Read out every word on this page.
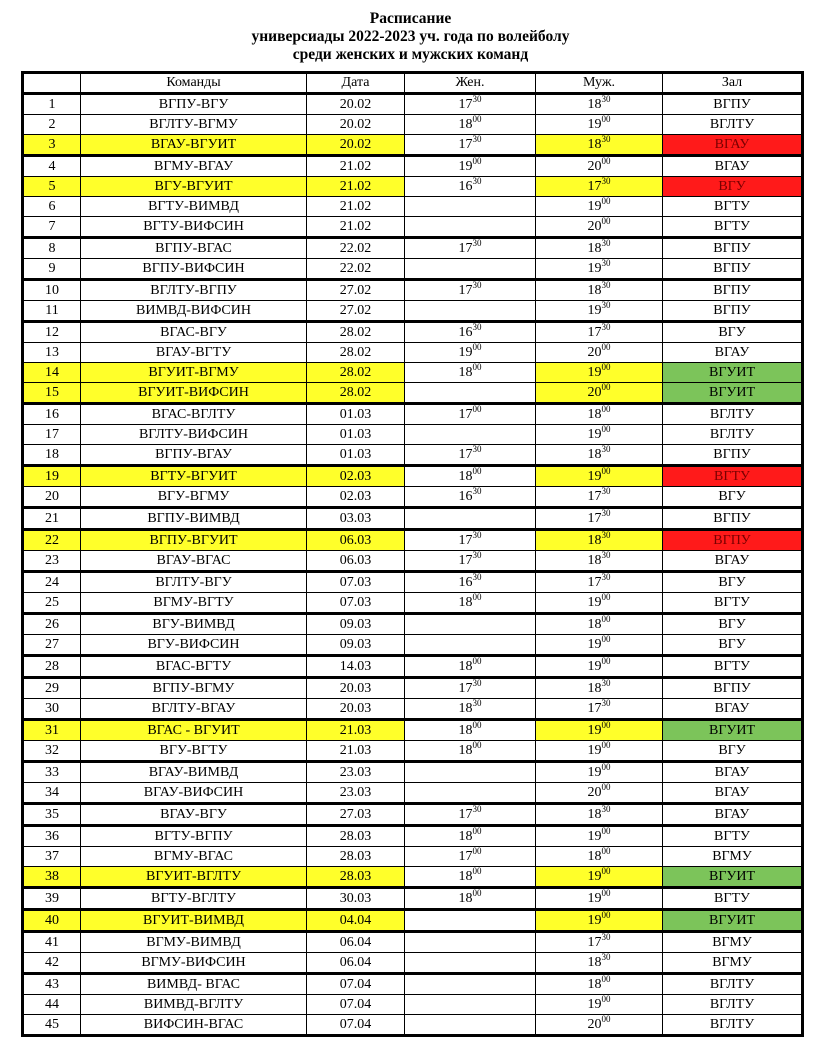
Расписание
универсиады 2022-2023 уч. года по волейболу
среди женских и мужских команд
	Команды	Дата	Жен.	Муж.	Зал
1	ВГПУ-ВГУ	20.02	$17^{30}$	$18^{30}$	ВГПУ
2	ВГЛТУ-ВГМУ	20.02	$18^{00}$	$19^{00}$	ВГЛТУ
3	ВГАУ-ВГУИТ	20.02	$17^{30}$	$18^{30}$	ВГАУ
4	ВГМУ-ВГАУ	21.02	$19^{00}$	$20^{00}$	ВГАУ
5	ВГУ-ВГУИТ	21.02	$16^{30}$	$17^{30}$	ВГУ
6	ВГТУ-ВИМВД	21.02		$19^{00}$	ВГТУ
7	ВГТУ-ВИФСИН	21.02		$20^{00}$	ВГТУ
8	ВГПУ-ВГАС	22.02	$17^{30}$	$18^{30}$	ВГПУ
9	ВГПУ-ВИФСИН	22.02		$19^{30}$	ВГПУ
10	ВГЛТУ-ВГПУ	27.02	$17^{30}$	$18^{30}$	ВГПУ
11	ВИМВД-ВИФСИН	27.02		$19^{30}$	ВГПУ
12	ВГАС-ВГУ	28.02	$16^{30}$	$17^{30}$	ВГУ
13	ВГАУ-ВГТУ	28.02	$19^{00}$	$20^{00}$	ВГАУ
14	ВГУИТ-ВГМУ	28.02	$18^{00}$	$19^{00}$	ВГУИТ
15	ВГУИТ-ВИФСИН	28.02		$20^{00}$	ВГУИТ
16	ВГАС-ВГЛТУ	01.03	$17^{00}$	$18^{00}$	ВГЛТУ
17	ВГЛТУ-ВИФСИН	01.03		$19^{00}$	ВГЛТУ
18	ВГПУ-ВГАУ	01.03	$17^{30}$	$18^{30}$	ВГПУ
19	ВГТУ-ВГУИТ	02.03	$18^{00}$	$19^{00}$	ВГТУ
20	ВГУ-ВГМУ	02.03	$16^{30}$	$17^{30}$	ВГУ
21	ВГПУ-ВИМВД	03.03		$17^{30}$	ВГПУ
22	ВГПУ-ВГУИТ	06.03	$17^{30}$	$18^{30}$	ВГПУ
23	ВГАУ-ВГАС	06.03	$17^{30}$	$18^{30}$	ВГАУ
24	ВГЛТУ-ВГУ	07.03	$16^{30}$	$17^{30}$	ВГУ
25	ВГМУ-ВГТУ	07.03	$18^{00}$	$19^{00}$	ВГТУ
26	ВГУ-ВИМВД	09.03		$18^{00}$	ВГУ
27	ВГУ-ВИФСИН	09.03		$19^{00}$	ВГУ
28	ВГАС-ВГТУ	14.03	$18^{00}$	$19^{00}$	ВГТУ
29	ВГПУ-ВГМУ	20.03	$17^{30}$	$18^{30}$	ВГПУ
30	ВГЛТУ-ВГАУ	20.03	$18^{30}$	$17^{30}$	ВГАУ
31	ВГАС - ВГУИТ	21.03	$18^{00}$	$19^{00}$	ВГУИТ
32	ВГУ-ВГТУ	21.03	$18^{00}$	$19^{00}$	ВГУ
33	ВГАУ-ВИМВД	23.03		$19^{00}$	ВГАУ
34	ВГАУ-ВИФСИН	23.03		$20^{00}$	ВГАУ
35	ВГАУ-ВГУ	27.03	$17^{30}$	$18^{30}$	ВГАУ
36	ВГТУ-ВГПУ	28.03	$18^{00}$	$19^{00}$	ВГТУ
37	ВГМУ-ВГАС	28.03	$17^{00}$	$18^{00}$	ВГМУ
38	ВГУИТ-ВГЛТУ	28.03	$18^{00}$	$19^{00}$	ВГУИТ
39	ВГТУ-ВГЛТУ	30.03	$18^{00}$	$19^{00}$	ВГТУ
40	ВГУИТ-ВИМВД	04.04		$19^{00}$	ВГУИТ
41	ВГМУ-ВИМВД	06.04		$17^{30}$	ВГМУ
42	ВГМУ-ВИФСИН	06.04		$18^{30}$	ВГМУ
43	ВИМВД- ВГАС	07.04		$18^{00}$	ВГЛТУ
44	ВИМВД-ВГЛТУ	07.04		$19^{00}$	ВГЛТУ
45	ВИФСИН-ВГАС	07.04		$20^{00}$	ВГЛТУ
